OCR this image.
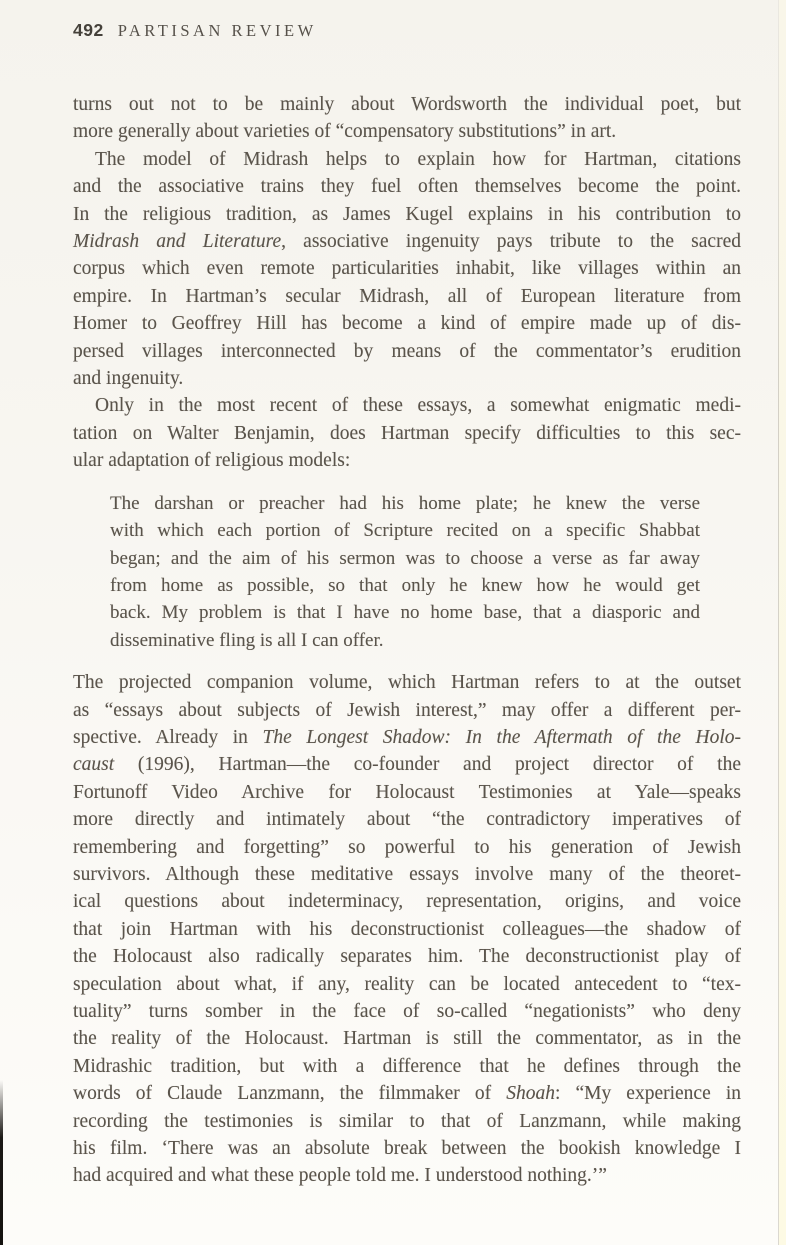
492 PARTISAN REVIEW
turns out not to be mainly about Wordsworth the individual poet, but
more generally about varieties of “compensatory substitutions” in art.
The model of Midrash helps to explain how for Hartman, citations
and the associative trains they fuel often themselves become the point.
In the religious tradition, as James Kugel explains in his contribution to
Midrash and Literature, associative ingenuity pays tribute to the sacred
corpus which even remote particularities inhabit, like villages within an
empire. In Hartman’s secular Midrash, all of European literature from
Homer to Geoffrey Hill has become a kind of empire made up of dis-
persed villages interconnected by means of the commentator’s erudition
and ingenuity.
Only in the most recent of these essays, a somewhat enigmatic medi-
tation on Walter Benjamin, does Hartman specify difficulties to this sec-
ular adaptation of religious models:
The darshan or preacher had his home plate; he knew the verse
with which each portion of Scripture recited on a specific Shabbat
began; and the aim of his sermon was to choose a verse as far away
from home as possible, so that only he knew how he would get
back. My problem is that I have no home base, that a diasporic and
disseminative fling is all I can offer.
The projected companion volume, which Hartman refers to at the outset
as “essays about subjects of Jewish interest,” may offer a different per-
spective. Already in The Longest Shadow: In the Aftermath of the Holo-
caust (1996), Hartman—the co-founder and project director of the
Fortunoff Video Archive for Holocaust Testimonies at Yale—speaks
more directly and intimately about “the contradictory imperatives of
remembering and forgetting” so powerful to his generation of Jewish
survivors. Although these meditative essays involve many of the theoret-
ical questions about indeterminacy, representation, origins, and voice
that join Hartman with his deconstructionist colleagues—the shadow of
the Holocaust also radically separates him. The deconstructionist play of
speculation about what, if any, reality can be located antecedent to “tex-
tuality” turns somber in the face of so-called “negationists” who deny
the reality of the Holocaust. Hartman is still the commentator, as in the
Midrashic tradition, but with a difference that he defines through the
words of Claude Lanzmann, the filmmaker of Shoah: “My experience in
recording the testimonies is similar to that of Lanzmann, while making
his film. ‘There was an absolute break between the bookish knowledge I
had acquired and what these people told me. I understood nothing.’”
